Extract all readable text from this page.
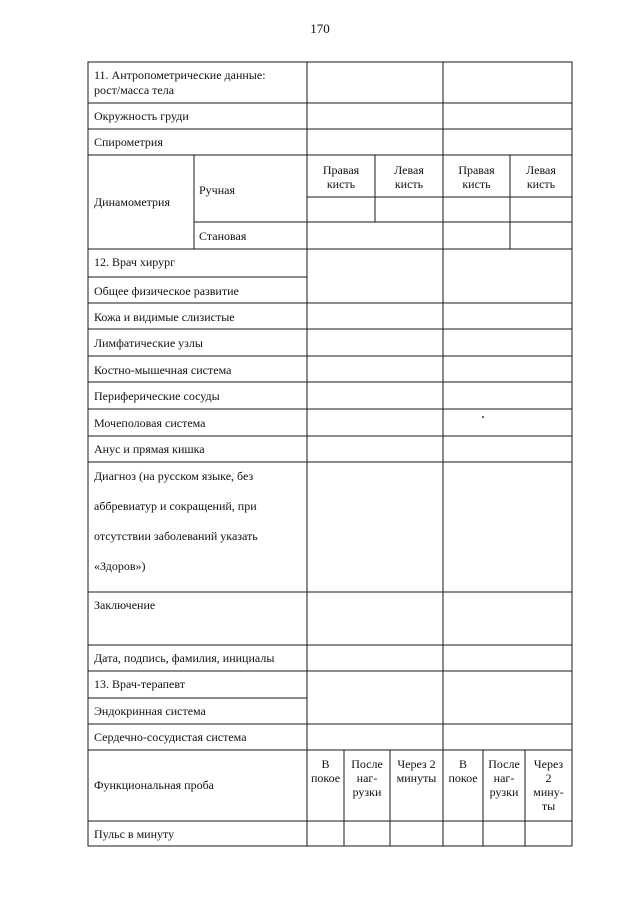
170
11. Антропометрические данные:
рост/масса тела
Окружность груди
Спирометрия
Динамометрия
Ручная
Становая
12. Врач хирург
Общее физическое развитие
Кожа и видимые слизистые
Лимфатические узлы
Костно-мышечная система
Периферические сосуды
Мочеполовая система
Анус и прямая кишка
Диагноз (на русском языке, без
аббревиатур и сокращений, при
отсутствии заболеваний указать
«Здоров»)
Заключение
Дата, подпись, фамилия, инициалы
13. Врач-терапевт
Эндокринная система
Сердечно-сосудистая система
Функциональная проба
Пульс в минуту
Правая
кисть
Левая
кисть
Правая
кисть
Левая
кисть
В
покое
После
наг-
рузки
Через 2
минуты
В
покое
После
наг-
рузки
Через
2
мину-
ты
